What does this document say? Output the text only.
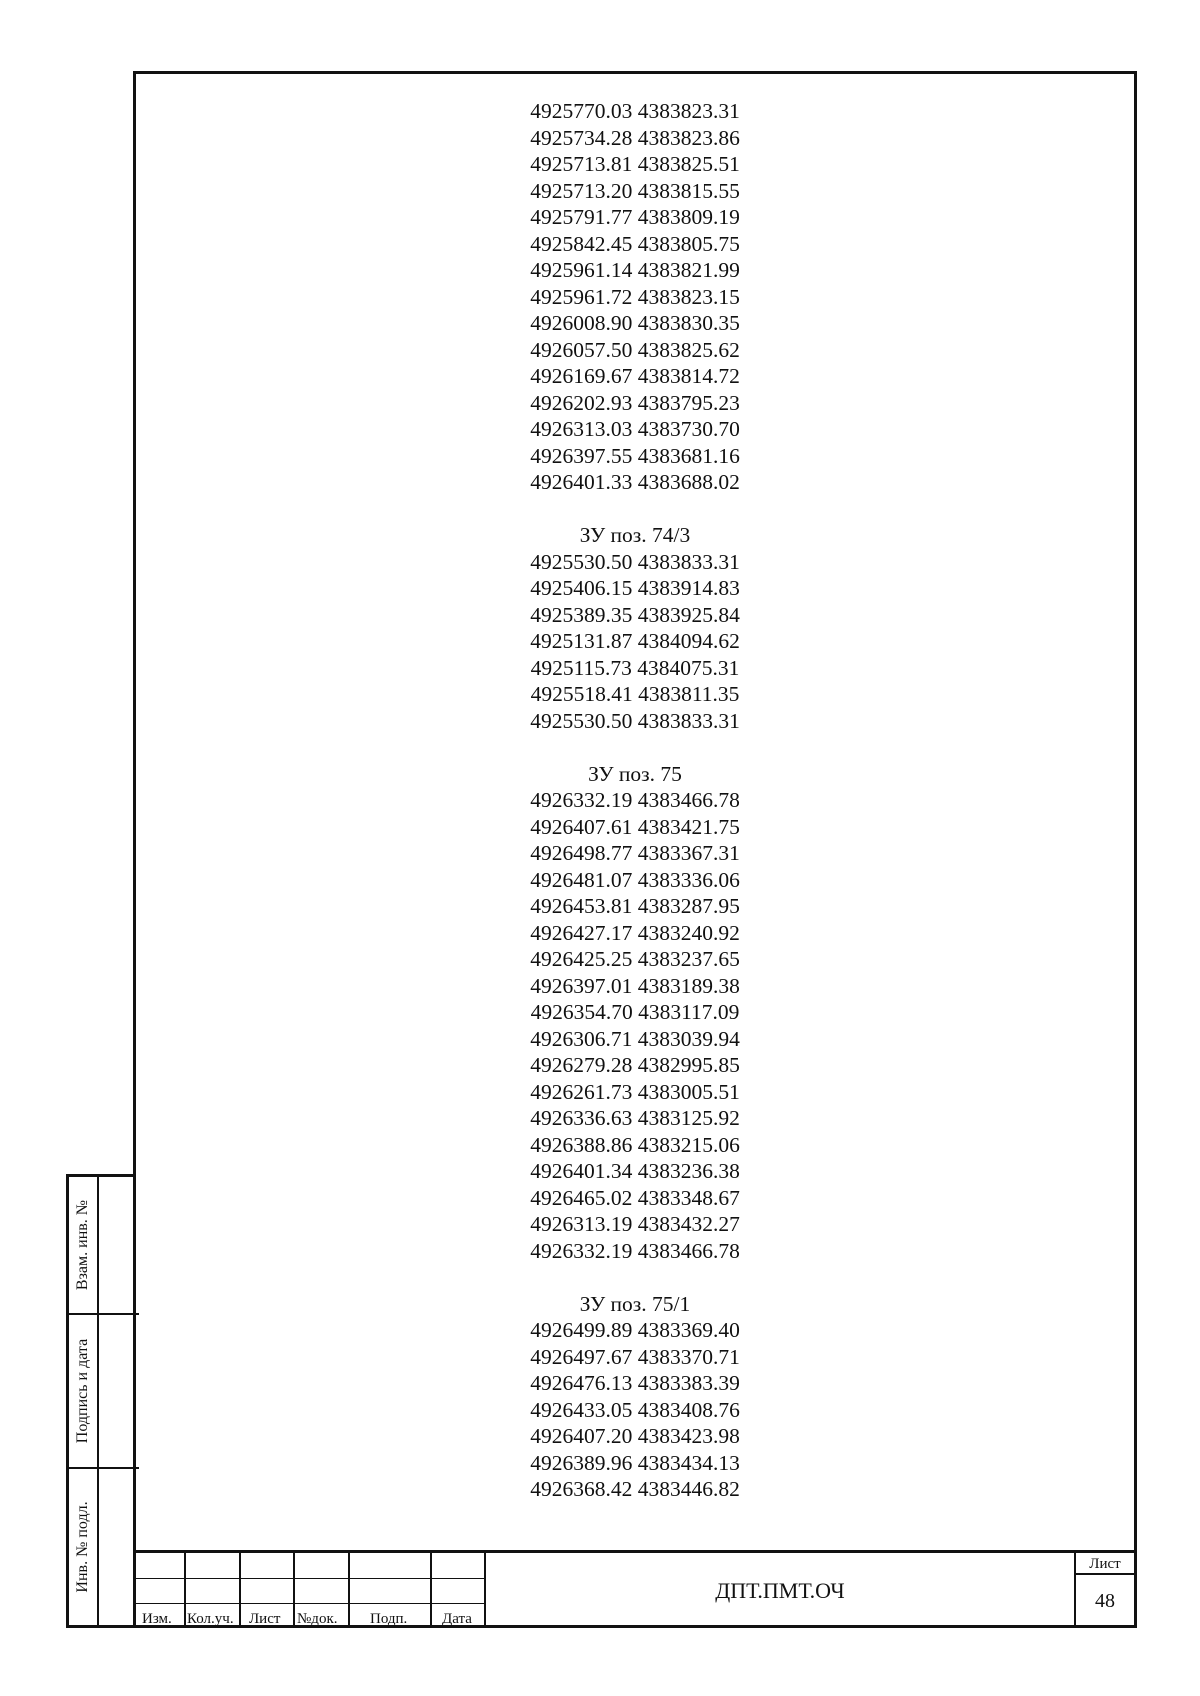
4925770.03 4383823.31
4925734.28 4383823.86
4925713.81 4383825.51
4925713.20 4383815.55
4925791.77 4383809.19
4925842.45 4383805.75
4925961.14 4383821.99
4925961.72 4383823.15
4926008.90 4383830.35
4926057.50 4383825.62
4926169.67 4383814.72
4926202.93 4383795.23
4926313.03 4383730.70
4926397.55 4383681.16
4926401.33 4383688.02
ЗУ поз. 74/3
4925530.50 4383833.31
4925406.15 4383914.83
4925389.35 4383925.84
4925131.87 4384094.62
4925115.73 4384075.31
4925518.41 4383811.35
4925530.50 4383833.31
ЗУ поз. 75
4926332.19 4383466.78
4926407.61 4383421.75
4926498.77 4383367.31
4926481.07 4383336.06
4926453.81 4383287.95
4926427.17 4383240.92
4926425.25 4383237.65
4926397.01 4383189.38
4926354.70 4383117.09
4926306.71 4383039.94
4926279.28 4382995.85
4926261.73 4383005.51
4926336.63 4383125.92
4926388.86 4383215.06
4926401.34 4383236.38
4926465.02 4383348.67
4926313.19 4383432.27
4926332.19 4383466.78
ЗУ поз. 75/1
4926499.89 4383369.40
4926497.67 4383370.71
4926476.13 4383383.39
4926433.05 4383408.76
4926407.20 4383423.98
4926389.96 4383434.13
4926368.42 4383446.82
Взам. инв. №
Подпись и дата
Инв. № подл.
Изм. Кол.уч. Лист №док. Подп. Дата
ДПТ.ПМТ.ОЧ
Лист
48
